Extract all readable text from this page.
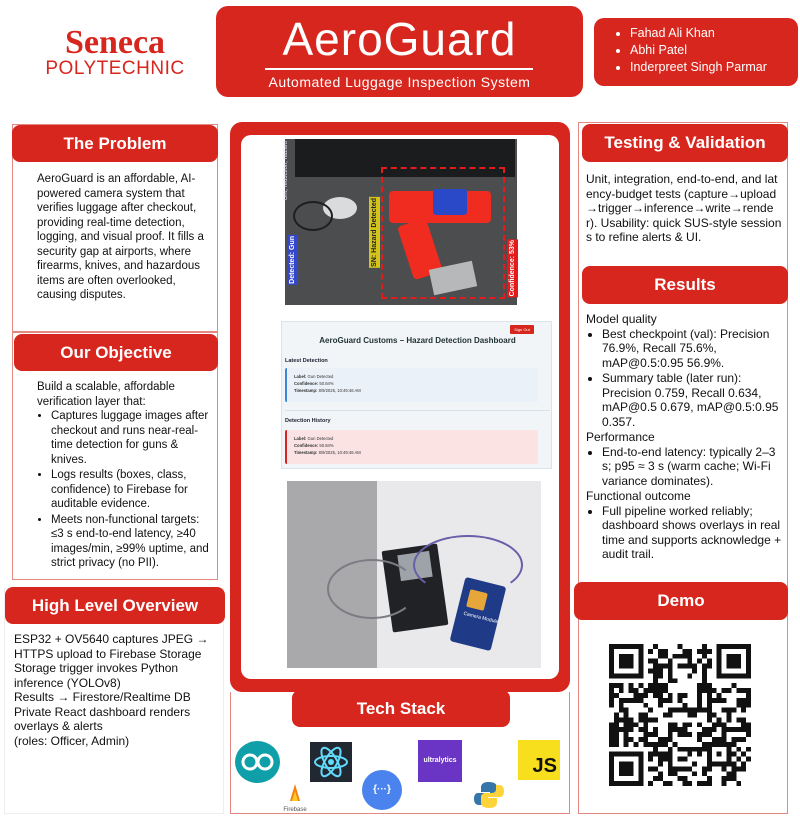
Seneca
POLYTECHNIC
AeroGuard
Automated Luggage Inspection System
• Fahad Ali Khan
• Abhi Patel
• Inderpreet Singh Parmar
The Problem
AeroGuard is an affordable, AI-powered camera system that verifies luggage after checkout, providing real-time detection, logging, and visual proof. It fills a security gap at airports, where firearms, knives, and hazardous items are often overlooked, causing disputes.
Our Objective
Build a scalable, affordable verification layer that:
• Captures luggage images after checkout and runs near-real-time detection for guns & knives.
• Logs results (boxes, class, confidence) to Firebase for auditable evidence.
• Meets non-functional targets: ≤3 s end-to-end latency, ≥40 images/min, ≥99% uptime, and strict privacy (no PII).
High Level Overview
ESP32 + OV5640 captures JPEG → HTTPS upload to Firebase Storage
Storage trigger invokes Python inference (YOLOv8)
Results → Firestore/Realtime DB
Private React dashboard renders overlays & alerts
(roles: Officer, Admin)
Detected: Gun	SN: Hazard Detected
Confidence: 53%
Ont, reduction, hazard
Sign Out
AeroGuard Customs – Hazard Detection Dashboard
Latest Detection
Label: Gun Detected
Confidence: 50.84%
Timestamp: 8/9/2025, 10:49:46 AM
Detection History
Label: Gun Detected
Confidence: 50.84%
Timestamp: 8/9/2025, 10:49:46 AM
Camera Module
Tech Stack
Firebase
{···}
ultralytics	JS
Testing & Validation
Unit, integration, end-to-end, and latency-budget tests (capture→upload→trigger→inference→write→render). Usability: quick SUS-style sessions to refine alerts & UI.
Results
Model quality
• Best checkpoint (val): Precision 76.9%, Recall 75.6%, mAP@0.5:0.95 56.9%.
• Summary table (later run): Precision 0.759, Recall 0.634, mAP@0.5 0.679, mAP@0.5:0.95 0.357.
Performance
• End-to-end latency: typically 2–3 s; p95 ≈ 3 s (warm cache; Wi-Fi variance dominates).
Functional outcome
• Full pipeline worked reliably; dashboard shows overlays in real time and supports acknowledge + audit trail.
Demo
